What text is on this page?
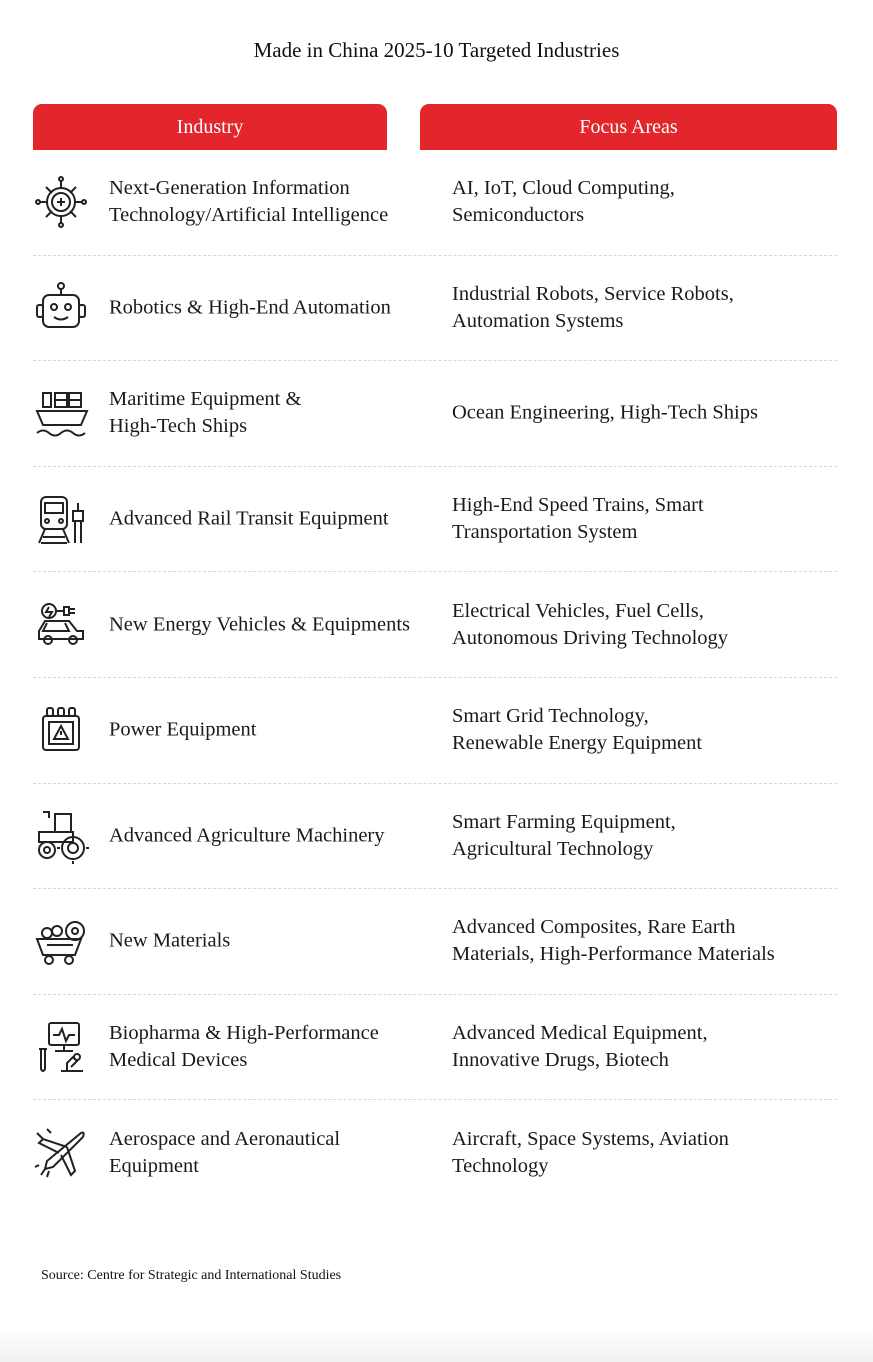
Made in China 2025-10 Targeted Industries
Industry	Focus Areas
Next-Generation Information
Technology/Artificial Intelligence
AI, IoT, Cloud Computing,
Semiconductors
Robotics & High-End Automation
Industrial Robots, Service Robots,
Automation Systems
Maritime Equipment &
High-Tech Ships
Ocean Engineering, High-Tech Ships
Advanced Rail Transit Equipment
High-End Speed Trains, Smart
Transportation System
New Energy Vehicles & Equipments
Electrical Vehicles, Fuel Cells,
Autonomous Driving Technology
Power Equipment
Smart Grid Technology,
Renewable Energy Equipment
Advanced Agriculture Machinery
Smart Farming Equipment,
Agricultural Technology
New Materials
Advanced Composites, Rare Earth
Materials, High-Performance Materials
Biopharma & High-Performance
Medical Devices
Advanced Medical Equipment,
Innovative Drugs, Biotech
Aerospace and Aeronautical
Equipment
Aircraft, Space Systems, Aviation
Technology
Source: Centre for Strategic and International Studies
